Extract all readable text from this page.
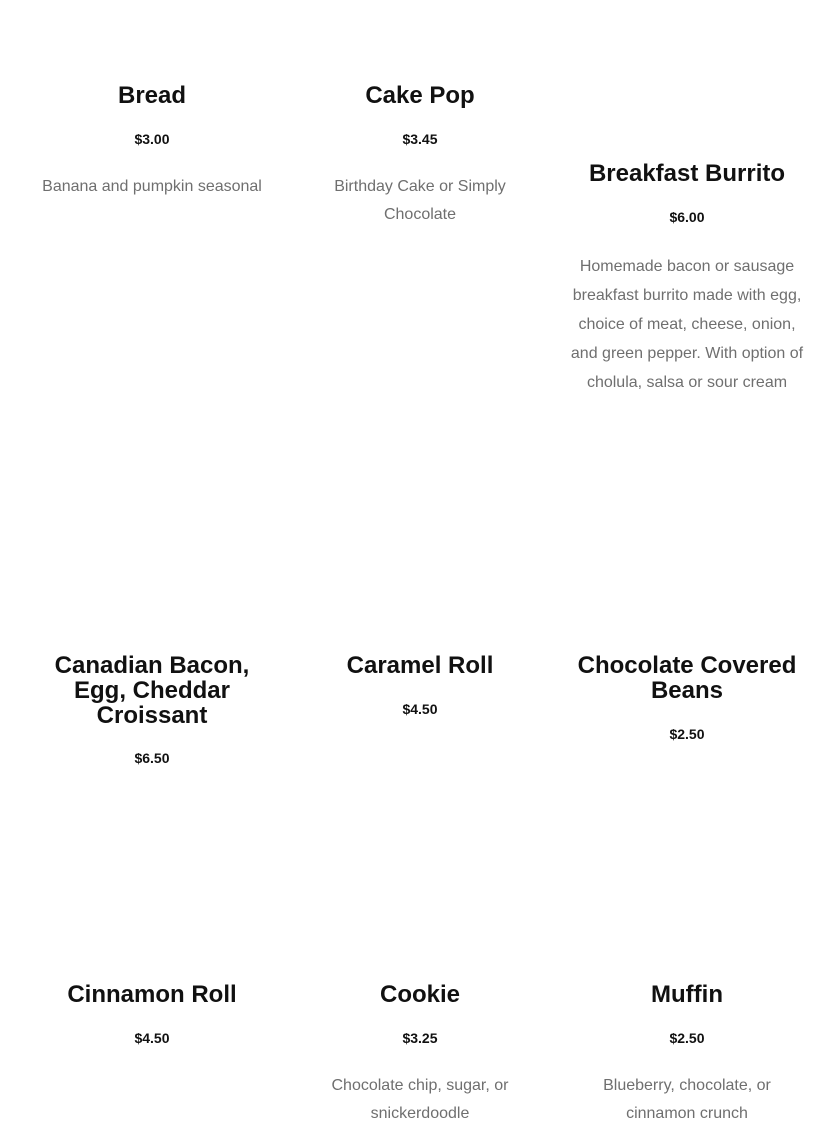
Bread
$3.00
Banana and pumpkin seasonal
Cake Pop
$3.45
Birthday Cake or Simply Chocolate
Breakfast Burrito
$6.00
Homemade bacon or sausage breakfast burrito made with egg, choice of meat, cheese, onion, and green pepper. With option of cholula, salsa or sour cream
Canadian Bacon, Egg, Cheddar Croissant
$6.50
Caramel Roll
$4.50
Chocolate Covered Beans
$2.50
Cinnamon Roll
$4.50
Cookie
$3.25
Chocolate chip, sugar, or snickerdoodle
Muffin
$2.50
Blueberry, chocolate, or cinnamon crunch
